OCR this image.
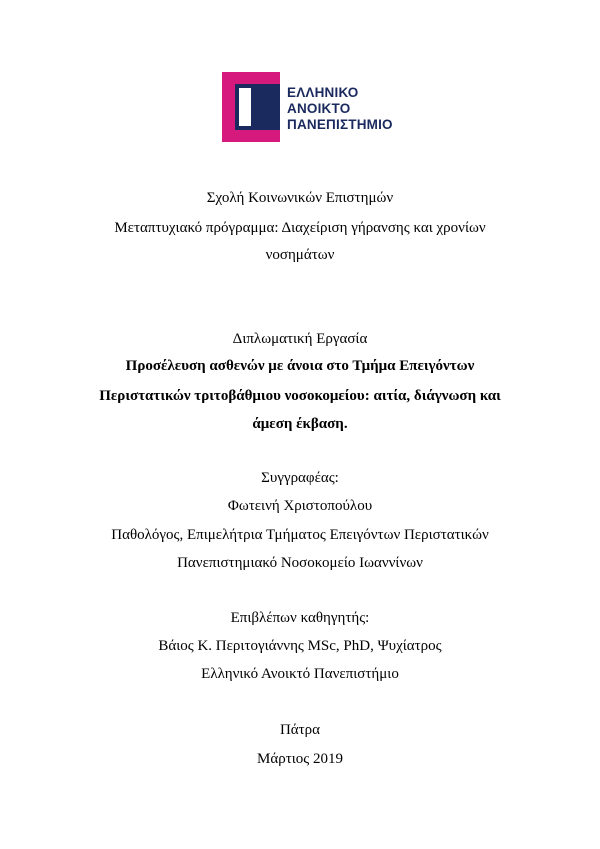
ΕΛΛΗΝΙΚΟ
ΑΝΟΙΚΤΟ
ΠΑΝΕΠΙΣΤΗΜΙΟ
Σχολή Κοινωνικών Επιστημών
Μεταπτυχιακό πρόγραμμα: Διαχείριση γήρανσης και χρονίων
νοσημάτων
Διπλωματική Εργασία
Προσέλευση ασθενών με άνοια στο Τμήμα Επειγόντων
Περιστατικών τριτοβάθμιου νοσοκομείου: αιτία, διάγνωση και
άμεση έκβαση.
Συγγραφέας:
Φωτεινή Χριστοπούλου
Παθολόγος, Επιμελήτρια Τμήματος Επειγόντων Περιστατικών
Πανεπιστημιακό Νοσοκομείο Ιωαννίνων
Επιβλέπων καθηγητής:
Βάιος Κ. Περιτογιάννης MSc, PhD, Ψυχίατρος
Ελληνικό Ανοικτό Πανεπιστήμιο
Πάτρα
Μάρτιος 2019
